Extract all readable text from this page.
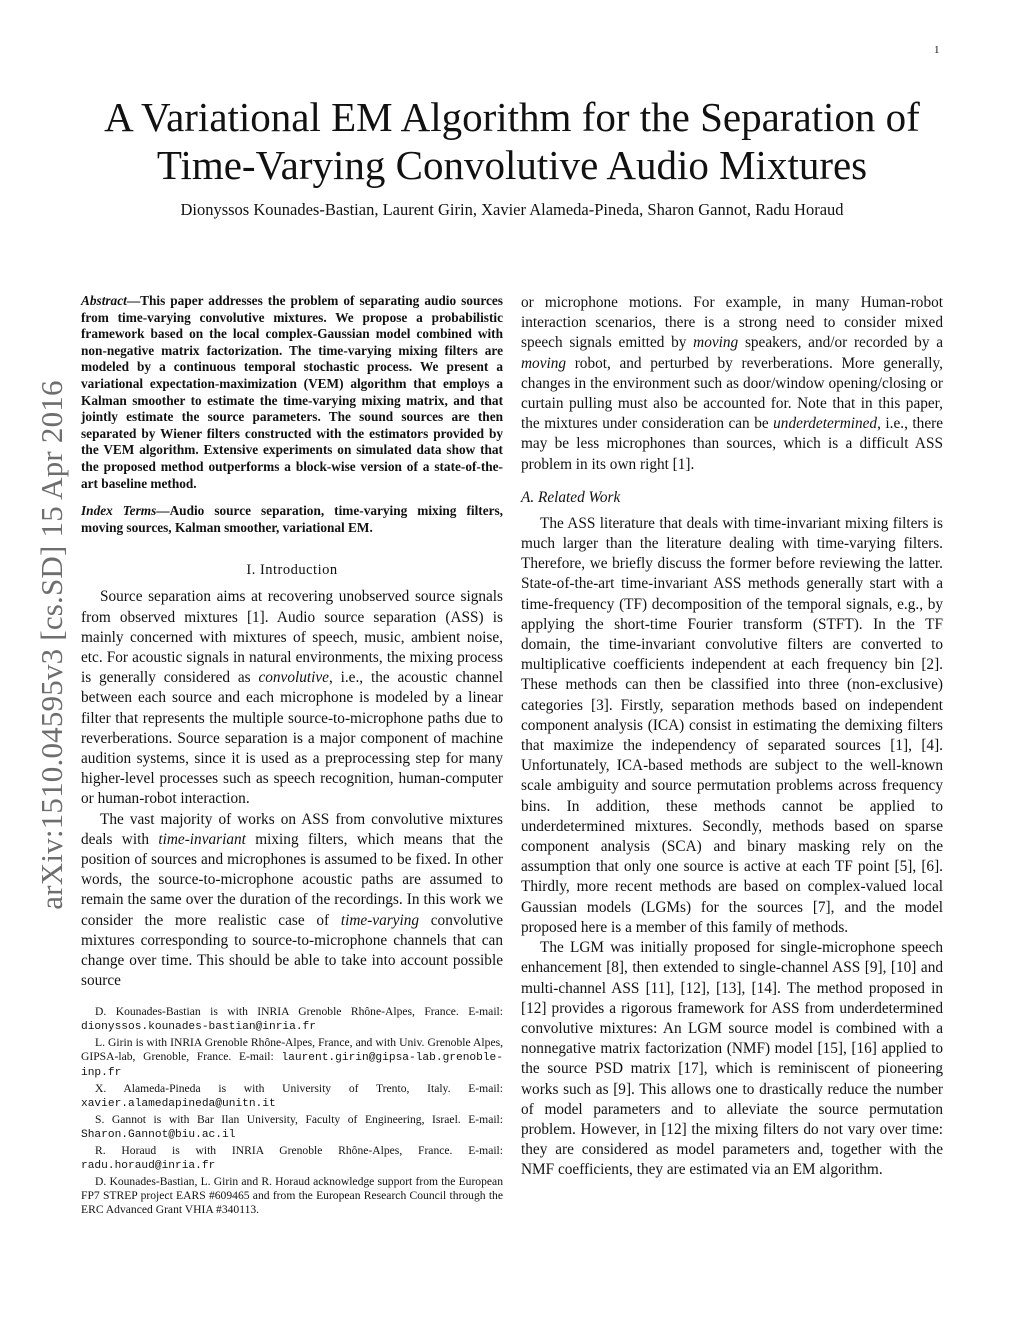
1
arXiv:1510.04595v3 [cs.SD] 15 Apr 2016
A Variational EM Algorithm for the Separation of
Time-Varying Convolutive Audio Mixtures
Dionyssos Kounades-Bastian, Laurent Girin, Xavier Alameda-Pineda, Sharon Gannot, Radu Horaud

Abstract—This paper addresses the problem of separating audio sources from time-varying convolutive mixtures. We propose a probabilistic framework based on the local complex-Gaussian model combined with non-negative matrix factorization. The time-varying mixing filters are modeled by a continuous temporal stochastic process. We present a variational expectation-maximization (VEM) algorithm that employs a Kalman smoother to estimate the time-varying mixing matrix, and that jointly estimate the source parameters. The sound sources are then separated by Wiener filters constructed with the estimators provided by the VEM algorithm. Extensive experiments on simulated data show that the proposed method outperforms a block-wise version of a state-of-the-art baseline method.

Index Terms—Audio source separation, time-varying mixing filters, moving sources, Kalman smoother, variational EM.

I. Introduction

Source separation aims at recovering unobserved source signals from observed mixtures [1]. Audio source separation (ASS) is mainly concerned with mixtures of speech, music, ambient noise, etc. For acoustic signals in natural environments, the mixing process is generally considered as convolutive, i.e., the acoustic channel between each source and each microphone is modeled by a linear filter that represents the multiple source-to-microphone paths due to reverberations. Source separation is a major component of machine audition systems, since it is used as a preprocessing step for many higher-level processes such as speech recognition, human-computer or human-robot interaction.

The vast majority of works on ASS from convolutive mixtures deals with time-invariant mixing filters, which means that the position of sources and microphones is assumed to be fixed. In other words, the source-to-microphone acoustic paths are assumed to remain the same over the duration of the recordings. In this work we consider the more realistic case of time-varying convolutive mixtures corresponding to source-to-microphone channels that can change over time. This should be able to take into account possible source

D. Kounades-Bastian is with INRIA Grenoble Rhône-Alpes, France. E-mail: dionyssos.kounades-bastian@inria.fr

L. Girin is with INRIA Grenoble Rhône-Alpes, France, and with Univ. Grenoble Alpes, GIPSA-lab, Grenoble, France. E-mail: laurent.girin@gipsa-lab.grenoble-inp.fr

X. Alameda-Pineda is with University of Trento, Italy. E-mail: xavier.alamedapineda@unitn.it

S. Gannot is with Bar Ilan University, Faculty of Engineering, Israel. E-mail: Sharon.Gannot@biu.ac.il

R. Horaud is with INRIA Grenoble Rhône-Alpes, France. E-mail: radu.horaud@inria.fr

D. Kounades-Bastian, L. Girin and R. Horaud acknowledge support from the European FP7 STREP project EARS #609465 and from the European Research Council through the ERC Advanced Grant VHIA #340113.

or microphone motions. For example, in many Human-robot interaction scenarios, there is a strong need to consider mixed speech signals emitted by moving speakers, and/or recorded by a moving robot, and perturbed by reverberations. More generally, changes in the environment such as door/window opening/closing or curtain pulling must also be accounted for. Note that in this paper, the mixtures under consideration can be underdetermined, i.e., there may be less microphones than sources, which is a difficult ASS problem in its own right [1].

A. Related Work

The ASS literature that deals with time-invariant mixing filters is much larger than the literature dealing with time-varying filters. Therefore, we briefly discuss the former before reviewing the latter. State-of-the-art time-invariant ASS methods generally start with a time-frequency (TF) decomposition of the temporal signals, e.g., by applying the short-time Fourier transform (STFT). In the TF domain, the time-invariant convolutive filters are converted to multiplicative coefficients independent at each frequency bin [2]. These methods can then be classified into three (non-exclusive) categories [3]. Firstly, separation methods based on independent component analysis (ICA) consist in estimating the demixing filters that maximize the independency of separated sources [1], [4]. Unfortunately, ICA-based methods are subject to the well-known scale ambiguity and source permutation problems across frequency bins. In addition, these methods cannot be applied to underdetermined mixtures. Secondly, methods based on sparse component analysis (SCA) and binary masking rely on the assumption that only one source is active at each TF point [5], [6]. Thirdly, more recent methods are based on complex-valued local Gaussian models (LGMs) for the sources [7], and the model proposed here is a member of this family of methods.

The LGM was initially proposed for single-microphone speech enhancement [8], then extended to single-channel ASS [9], [10] and multi-channel ASS [11], [12], [13], [14]. The method proposed in [12] provides a rigorous framework for ASS from underdetermined convolutive mixtures: An LGM source model is combined with a nonnegative matrix factorization (NMF) model [15], [16] applied to the source PSD matrix [17], which is reminiscent of pioneering works such as [9]. This allows one to drastically reduce the number of model parameters and to alleviate the source permutation problem. However, in [12] the mixing filters do not vary over time: they are considered as model parameters and, together with the NMF coefficients, they are estimated via an EM algorithm.
